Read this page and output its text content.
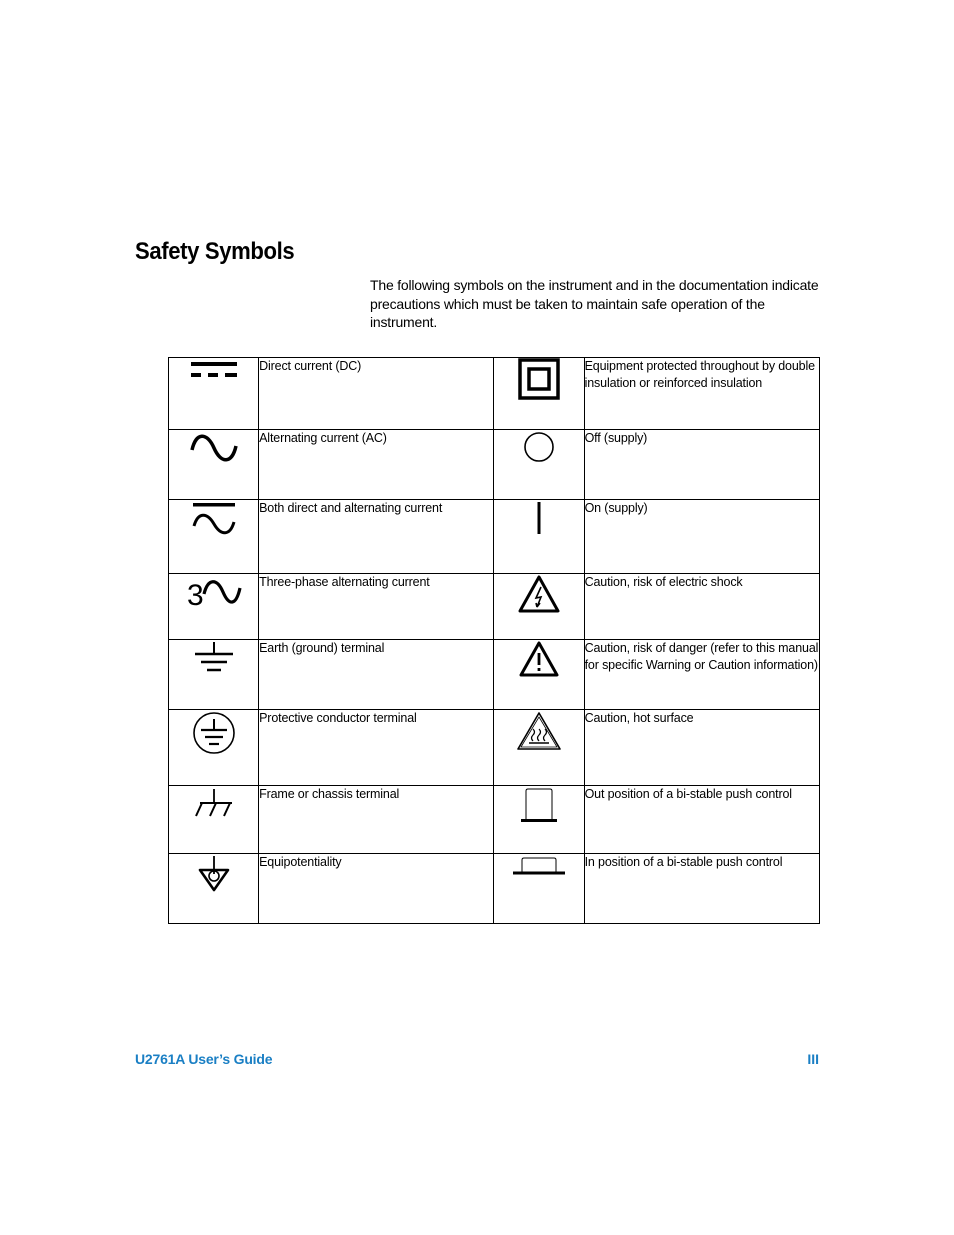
Safety Symbols

The following symbols on the instrument and in the documentation indicate precautions which must be taken to maintain safe operation of the instrument.

	Direct current (DC)		Equipment protected throughout by double insulation or reinforced insulation

	Alternating current (AC)		Off (supply)

	Both direct and alternating current		On (supply)

3	Three-phase alternating current		Caution, risk of electric shock

	Earth (ground) terminal		Caution, risk of danger (refer to this manual for specific Warning or Caution information)

	Protective conductor terminal		Caution, hot surface

	Frame or chassis terminal		Out position of a bi-stable push control

	Equipotentiality		In position of a bi-stable push control
U2761A User’s Guide	III
